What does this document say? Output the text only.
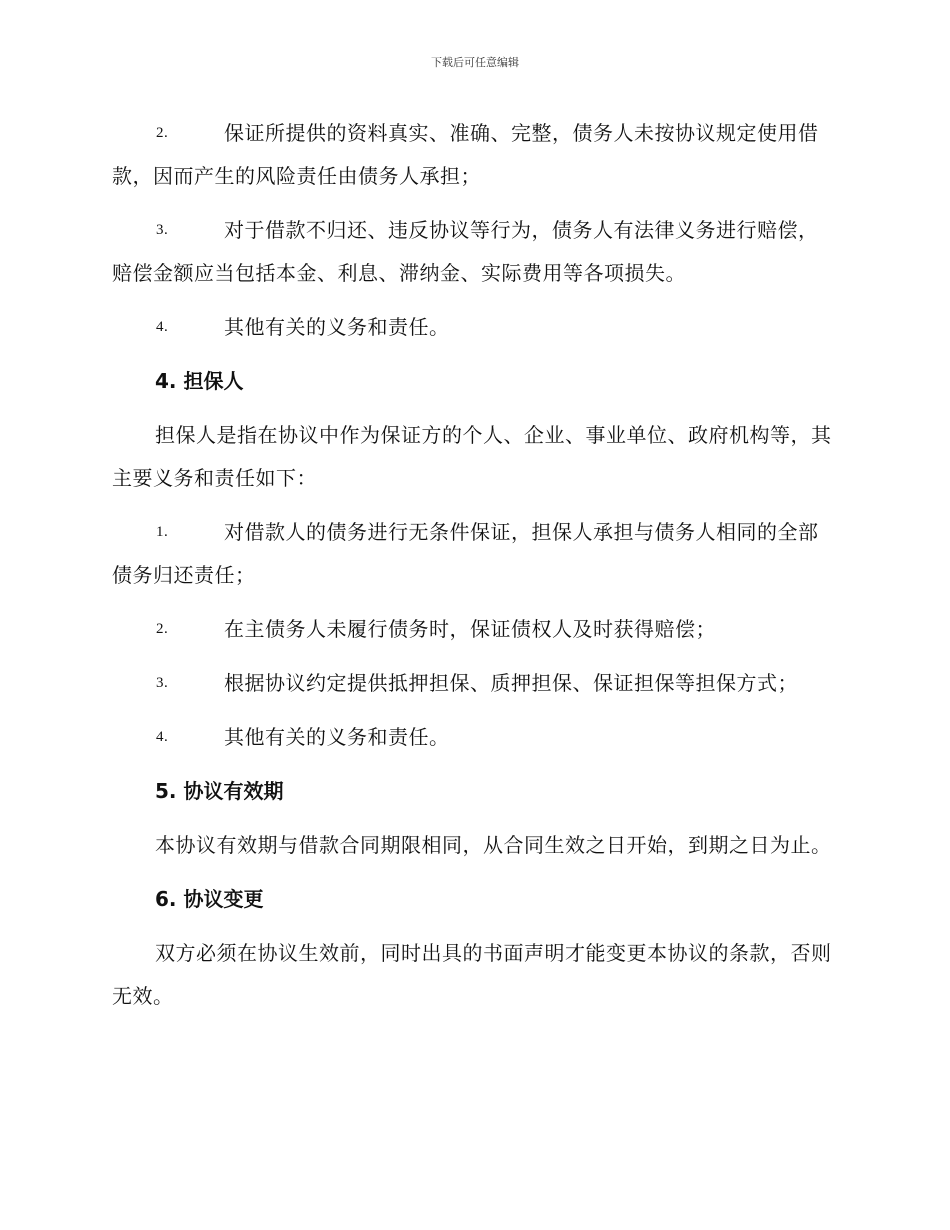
下载后可任意编辑
2.	保证所提供的资料真实、准确、完整，债务人未按协议规定使用借款，因而产生的风险责任由债务人承担；
3.	对于借款不归还、违反协议等行为，债务人有法律义务进行赔偿，赔偿金额应当包括本金、利息、滞纳金、实际费用等各项损失。
4.	其他有关的义务和责任。
4. 担保人
担保人是指在协议中作为保证方的个人、企业、事业单位、政府机构等，其主要义务和责任如下：
1.	对借款人的债务进行无条件保证，担保人承担与债务人相同的全部债务归还责任；
2.	在主债务人未履行债务时，保证债权人及时获得赔偿；
3.	根据协议约定提供抵押担保、质押担保、保证担保等担保方式；
4.	其他有关的义务和责任。
5. 协议有效期
本协议有效期与借款合同期限相同，从合同生效之日开始，到期之日为止。
6. 协议变更
双方必须在协议生效前，同时出具的书面声明才能变更本协议的条款，否则无效。
